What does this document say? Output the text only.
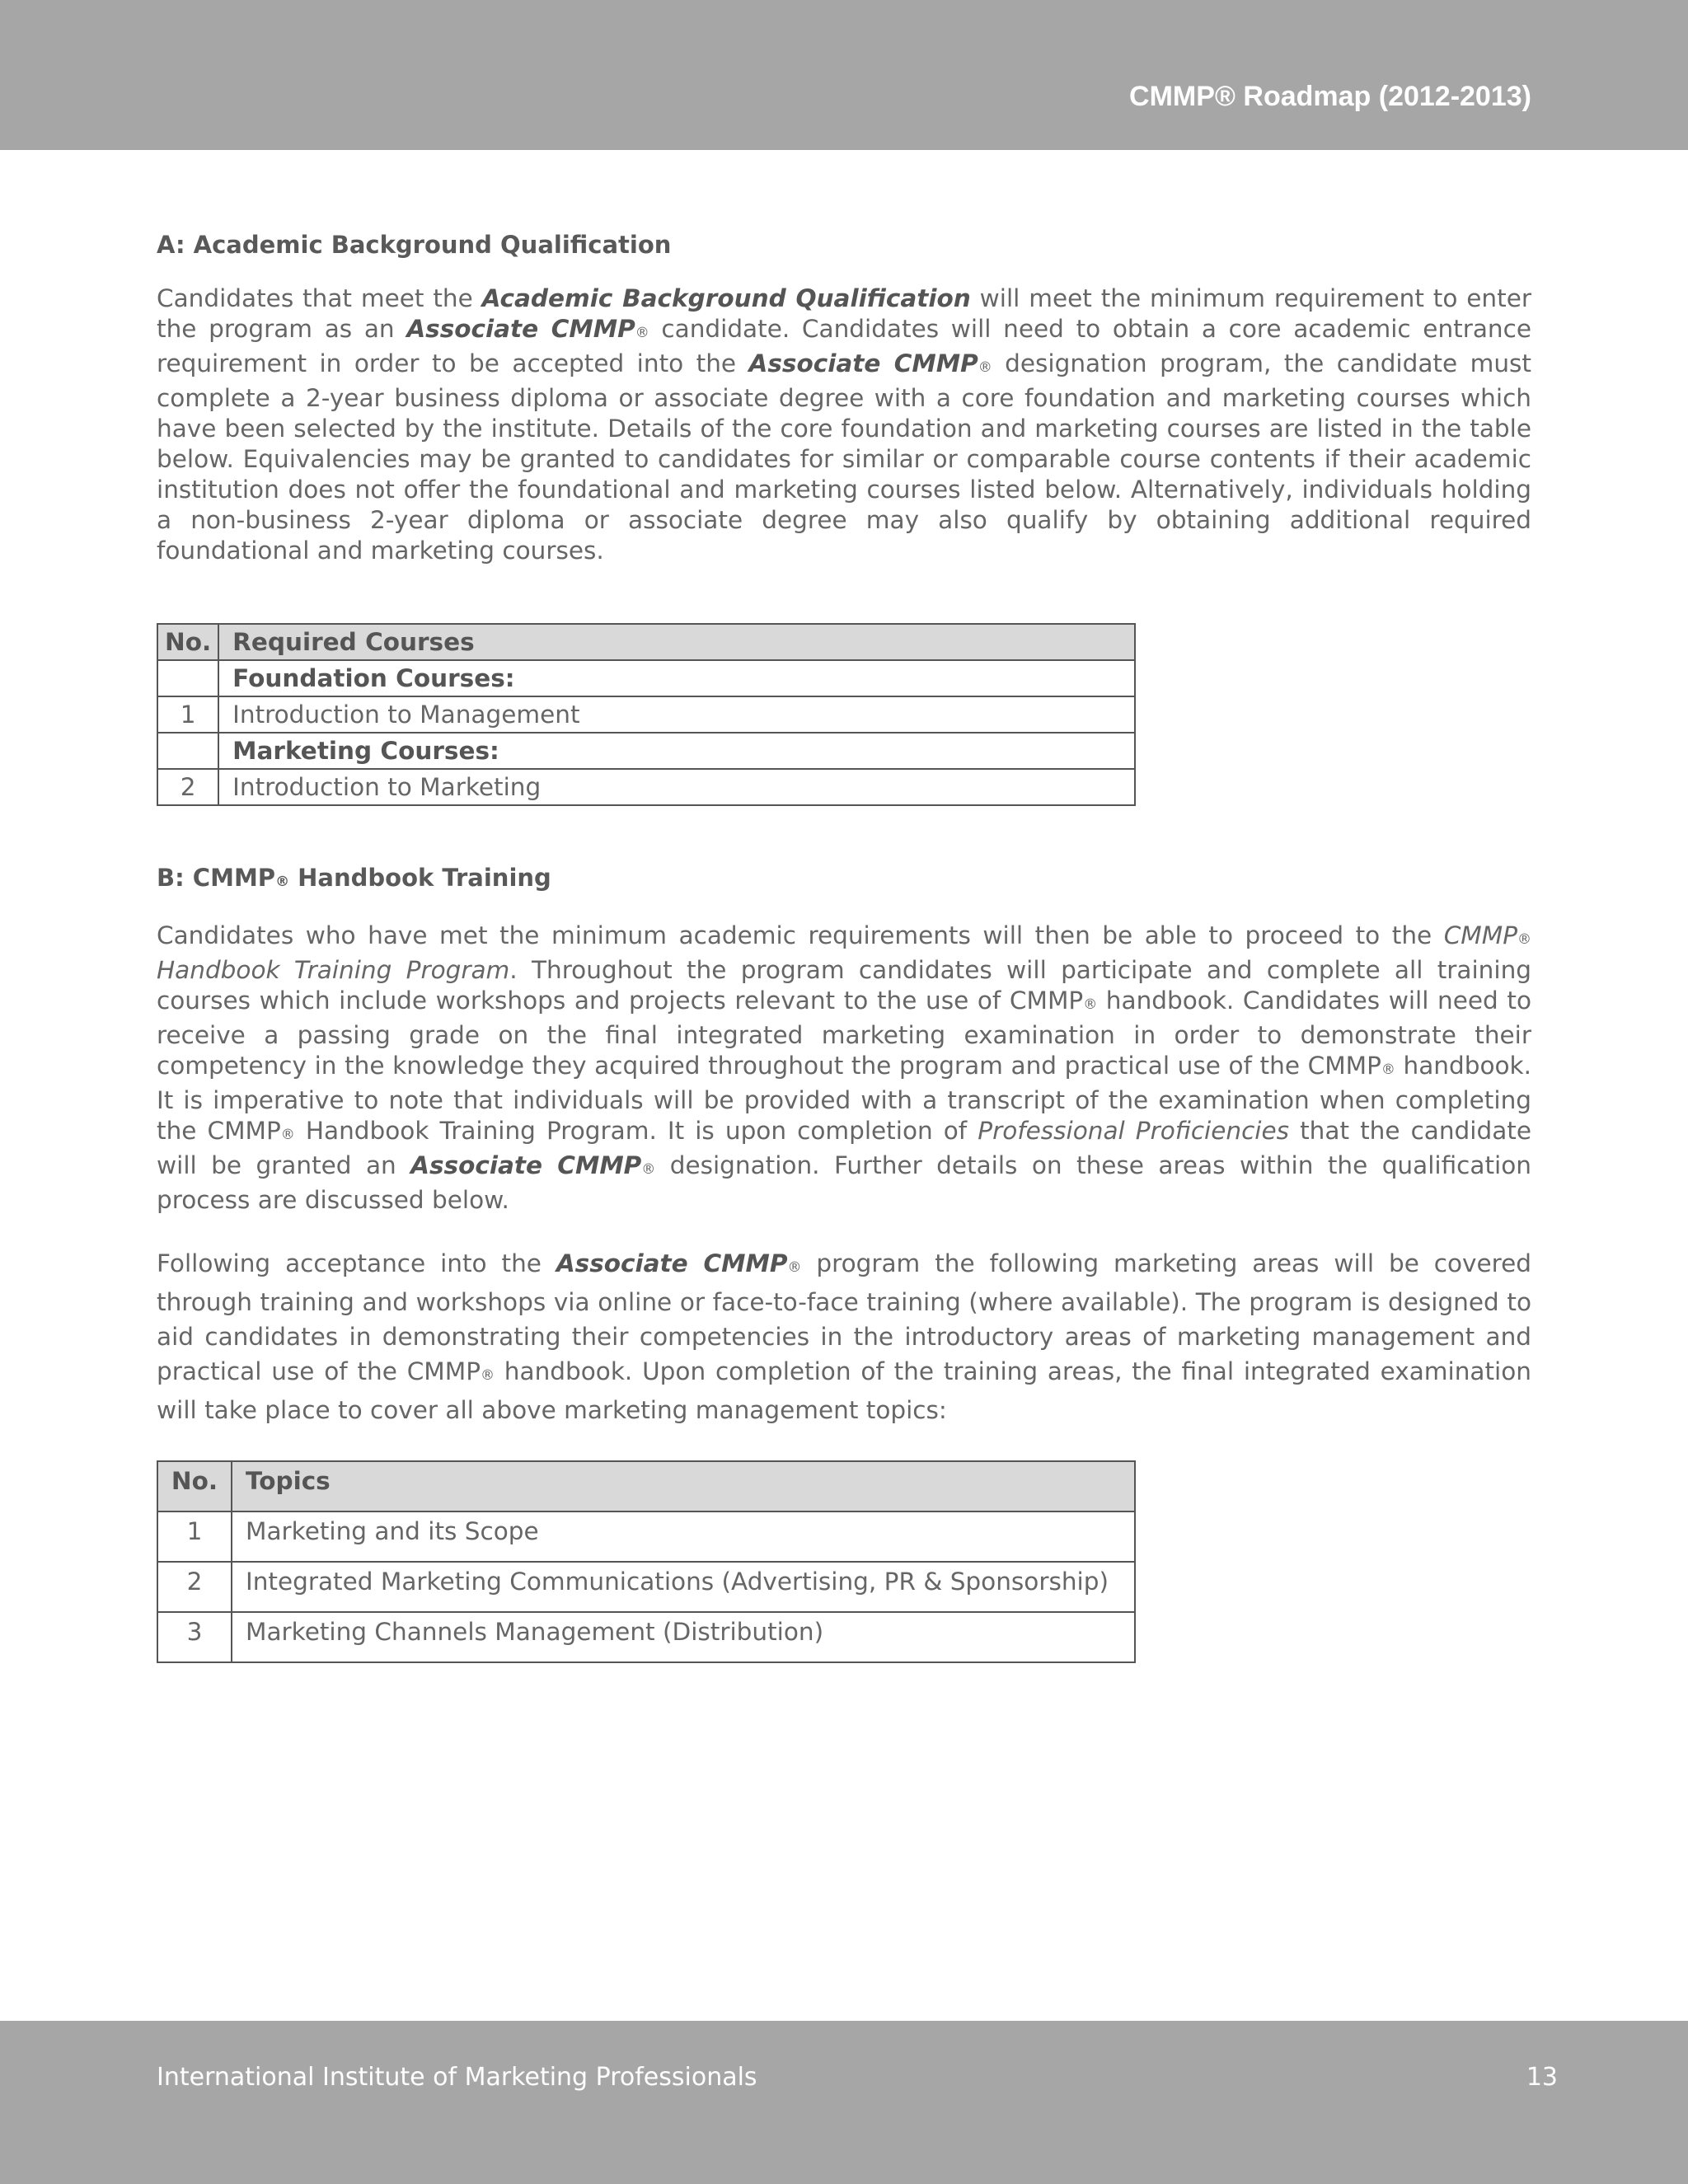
CMMP® Roadmap (2012-2013)
A: Academic Background Qualification

Candidates that meet the Academic Background Qualification will meet the minimum requirement to enter the program as an Associate CMMP® candidate. Candidates will need to obtain a core academic entrance requirement in order to be accepted into the Associate CMMP® designation program, the candidate must complete a 2-year business diploma or associate degree with a core foundation and marketing courses which have been selected by the institute. Details of the core foundation and marketing courses are listed in the table below. Equivalencies may be granted to candidates for similar or comparable course contents if their academic institution does not offer the foundational and marketing courses listed below. Alternatively, individuals holding a non-business 2-year diploma or associate degree may also qualify by obtaining additional required foundational and marketing courses.

No.	Required Courses
	Foundation Courses:
1	Introduction to Management
	Marketing Courses:
2	Introduction to Marketing
B: CMMP® Handbook Training

Candidates who have met the minimum academic requirements will then be able to proceed to the CMMP® Handbook Training Program. Throughout the program candidates will participate and complete all training courses which include workshops and projects relevant to the use of CMMP® handbook. Candidates will need to receive a passing grade on the final integrated marketing examination in order to demonstrate their competency in the knowledge they acquired throughout the program and practical use of the CMMP® handbook. It is imperative to note that individuals will be provided with a transcript of the examination when completing the CMMP® Handbook Training Program. It is upon completion of Professional Proficiencies that the candidate will be granted an Associate CMMP® designation. Further details on these areas within the qualification process are discussed below.

Following acceptance into the Associate CMMP® program the following marketing areas will be covered through training and workshops via online or face-to-face training (where available). The program is designed to aid candidates in demonstrating their competencies in the introductory areas of marketing management and practical use of the CMMP® handbook. Upon completion of the training areas, the final integrated examination will take place to cover all above marketing management topics:

No.	Topics
1	Marketing and its Scope
2	Integrated Marketing Communications (Advertising, PR & Sponsorship)
3	Marketing Channels Management (Distribution)
International Institute of Marketing Professionals	13
